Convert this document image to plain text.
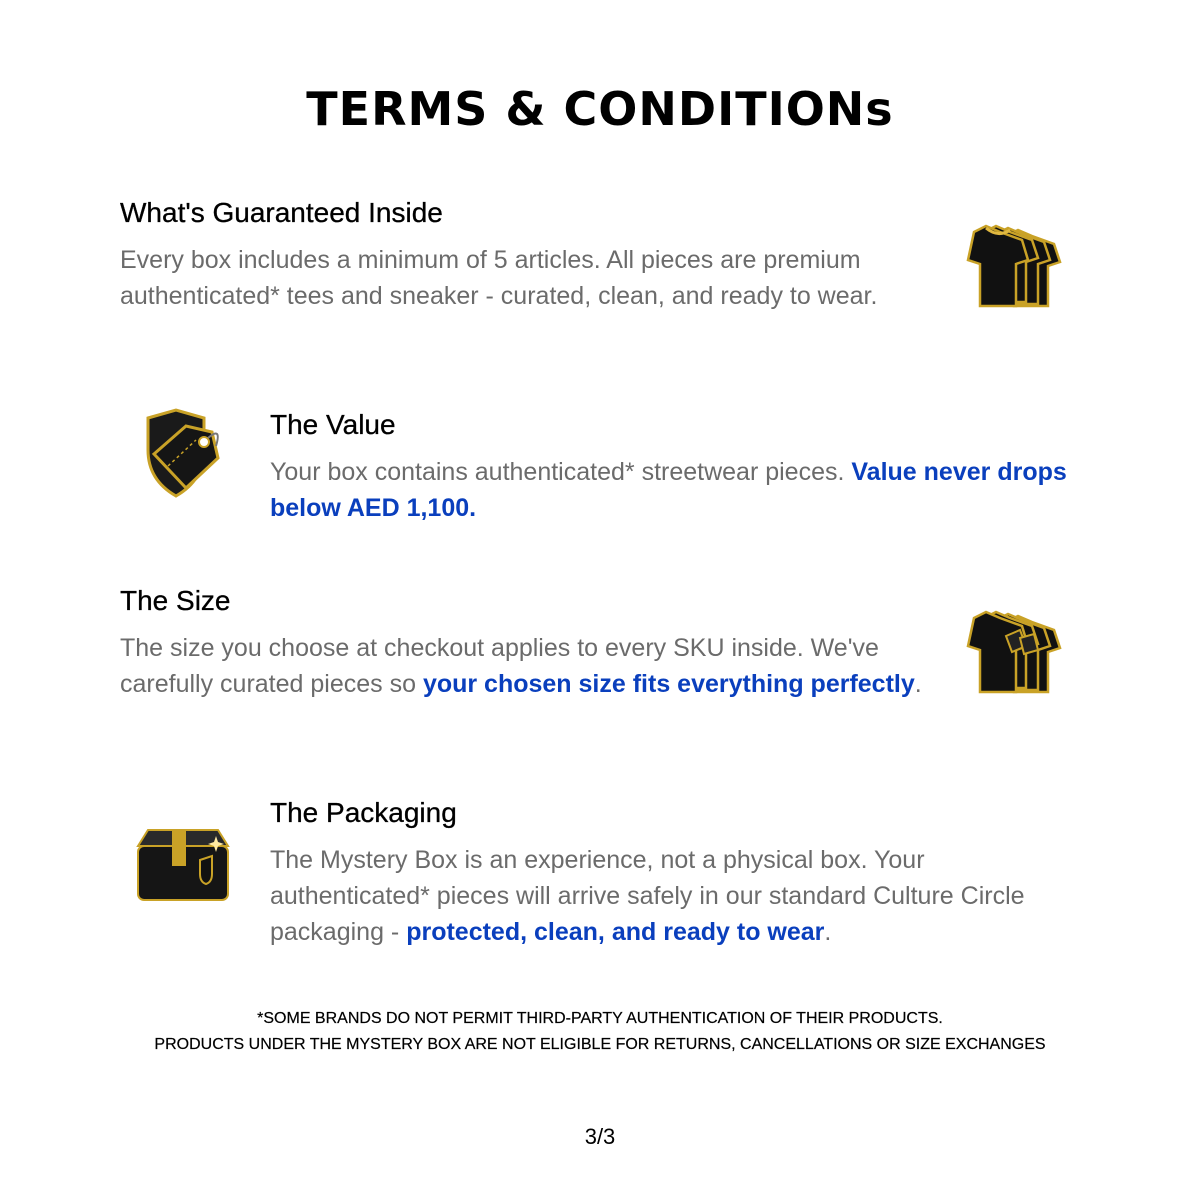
TERMS & CONDITIONs
What's Guaranteed Inside

Every box includes a minimum of 5 articles. All pieces are premium authenticated* tees and sneaker - curated, clean, and ready to wear.

The Value

Your box contains authenticated* streetwear pieces. Value never drops below AED 1,100.

The Size

The size you choose at checkout applies to every SKU inside. We've carefully curated pieces so your chosen size fits everything perfectly.

The Packaging

The Mystery Box is an experience, not a physical box. Your authenticated* pieces will arrive safely in our standard Culture Circle packaging - protected, clean, and ready to wear.

*SOME BRANDS DO NOT PERMIT THIRD-PARTY AUTHENTICATION OF THEIR PRODUCTS.
PRODUCTS UNDER THE MYSTERY BOX ARE NOT ELIGIBLE FOR RETURNS, CANCELLATIONS OR SIZE EXCHANGES
3/3
